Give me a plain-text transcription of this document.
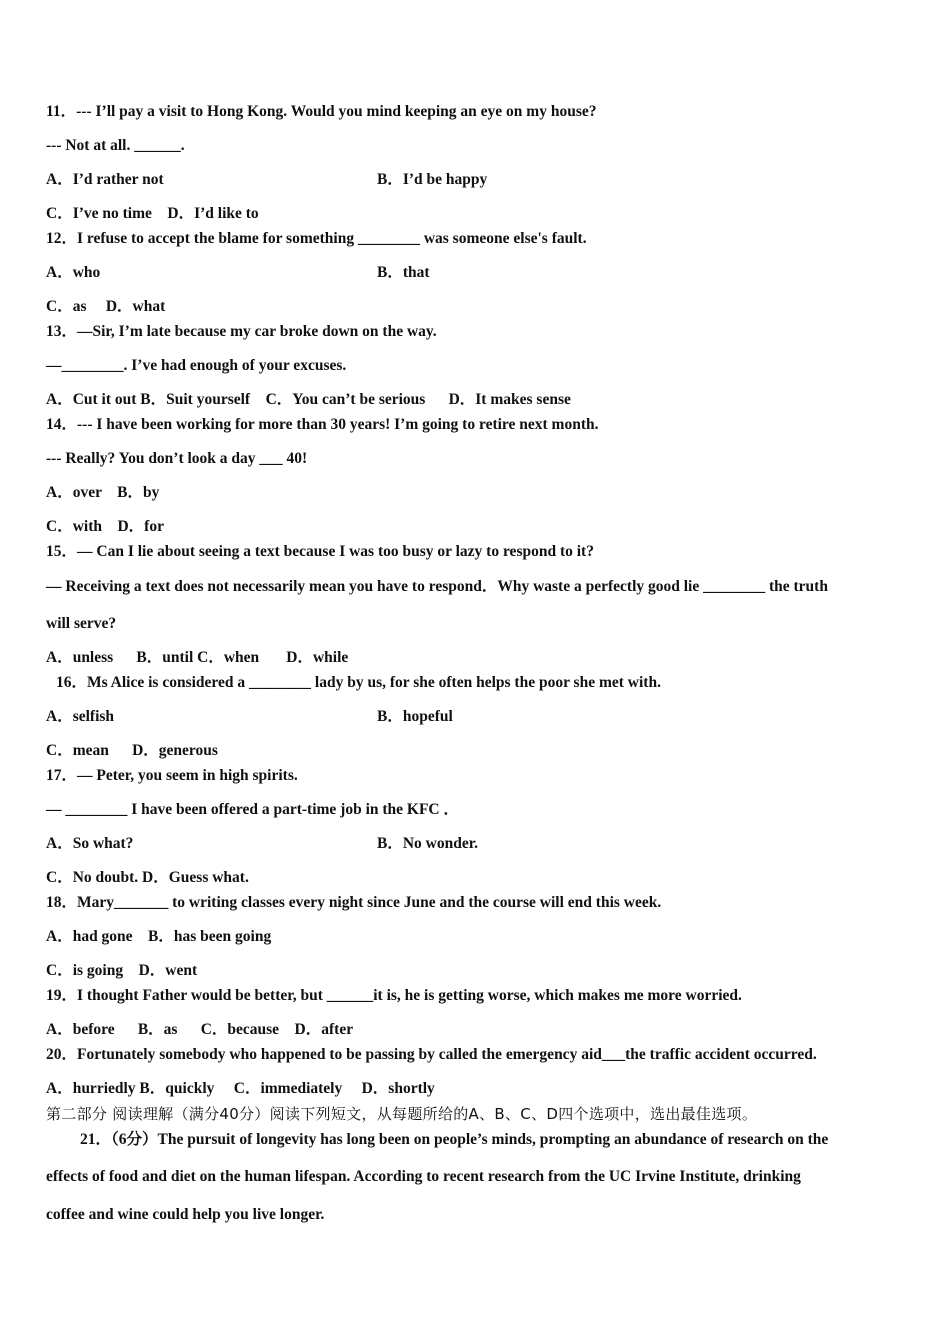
11．--- I’ll pay a visit to Hong Kong. Would you mind keeping an eye on my house?
--- Not at all. ______.
A．I’d rather not	B．I’d be happy
C．I’ve no time    D．I’d like to
12．I refuse to accept the blame for something ________ was someone else's fault.
A．who	B．that
C．as     D．what
13．—Sir, I’m late because my car broke down on the way.
—________. I’ve had enough of your excuses.
A．Cut it out B．Suit yourself    C．You can’t be serious      D．It makes sense
14．--- I have been working for more than 30 years! I’m going to retire next month.
--- Really? You don’t look a day ___ 40!
A．over    B．by
C．with    D．for
15．— Can I lie about seeing a text because I was too busy or lazy to respond to it?
— Receiving a text does not necessarily mean you have to respond．Why waste a perfectly good lie ________ the truth
will serve?
A．unless      B．until C．when       D．while
16．Ms Alice is considered a ________ lady by us, for she often helps the poor she met with.
A．selfish	B．hopeful
C．mean      D．generous
17．— Peter, you seem in high spirits.
— ________ I have been offered a part-time job in the KFC ．
A．So what?	B．No wonder.
C．No doubt. D．Guess what.
18．Mary_______ to writing classes every night since June and the course will end this week.
A．had gone    B．has been going
C．is going    D．went
19．I thought Father would be better, but ______it is, he is getting worse, which makes me more worried.
A．before      B．as      C．because    D．after
20．Fortunately somebody who happened to be passing by called the emergency aid___the traffic accident occurred.
A．hurriedly B．quickly     C．immediately     D．shortly
第二部分 阅读理解（满分40分）阅读下列短文，从每题所给的A、B、C、D四个选项中，选出最佳选项。
21．（6分）The pursuit of longevity has long been on people’s minds, prompting an abundance of research on the
effects of food and diet on the human lifespan. According to recent research from the UC Irvine Institute, drinking
coffee and wine could help you live longer.
